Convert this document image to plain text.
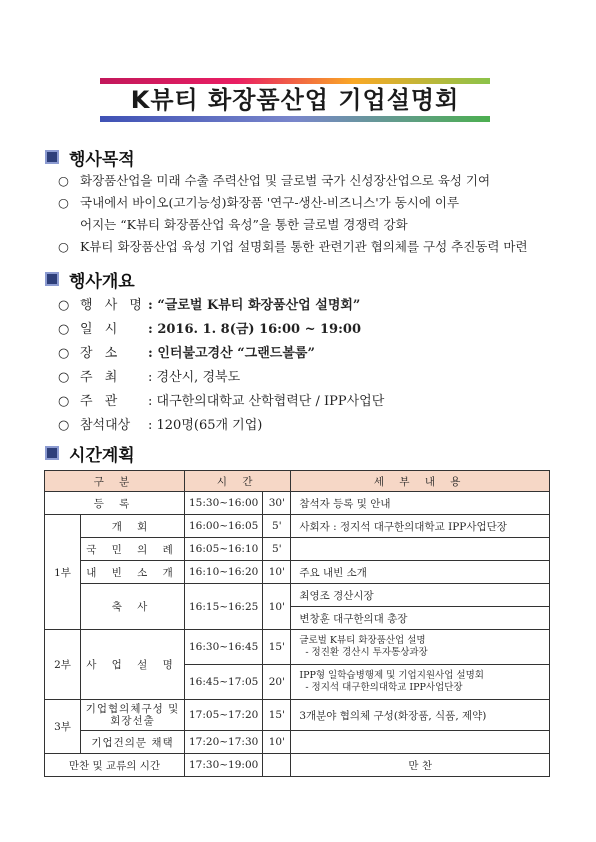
K뷰티 화장품산업 기업설명회
행사목적
○ 화장품산업을 미래 수출 주력산업 및 글로벌 국가 신성장산업으로 육성 기여
○ 국내에서 바이오(고기능성)화장품 '연구-생산-비즈니스'가 동시에 이루
어지는 “K뷰티 화장품산업 육성”을 통한 글로벌 경쟁력 강화
○ K뷰티 화장품산업 육성 기업 설명회를 통한 관련기관 협의체를 구성 추진동력 마련
행사개요
○ 행 사 명 : “글로벌 K뷰티 화장품산업 설명회”
○ 일 시 : 2016. 1. 8(금) 16:00 ~ 19:00
○ 장 소 : 인터불고경산 “그랜드볼룸”
○ 주 최 : 경산시, 경북도
○ 주 관 : 대구한의대학교 산학협력단 / IPP사업단
○ 참석대상 : 120명(65개 기업)
시간계획
구 분		시 간		세 부 내 용
등 록		15:30~16:00	30'	참석자 등록 및 안내
1부	개 회	16:00~16:05	5'	사회자 : 정지석 대구한의대학교 IPP사업단장
	국 민 의 례	16:05~16:10	5'	
	내 빈 소 개	16:10~16:20	10'	주요 내빈 소개
	축 사	16:15~16:25	10'	최영조 경산시장
				변창훈 대구한의대 총장
2부	사 업 설 명	16:30~16:45	15'	글로벌 K뷰티 화장품산업 설명
- 정진환 경산시 투자통상과장

		16:45~17:05	20'	IPP형 일학습병행제 및 기업지원사업 설명회
- 정지석 대구한의대학교 IPP사업단장

3부	기업협의체구성 및 회장선출	17:05~17:20	15'	3개분야 협의체 구성(화장품, 식품, 제약)
	기업건의문 채택	17:20~17:30	10'	
만찬 및 교류의 시간		17:30~19:00		만 찬
